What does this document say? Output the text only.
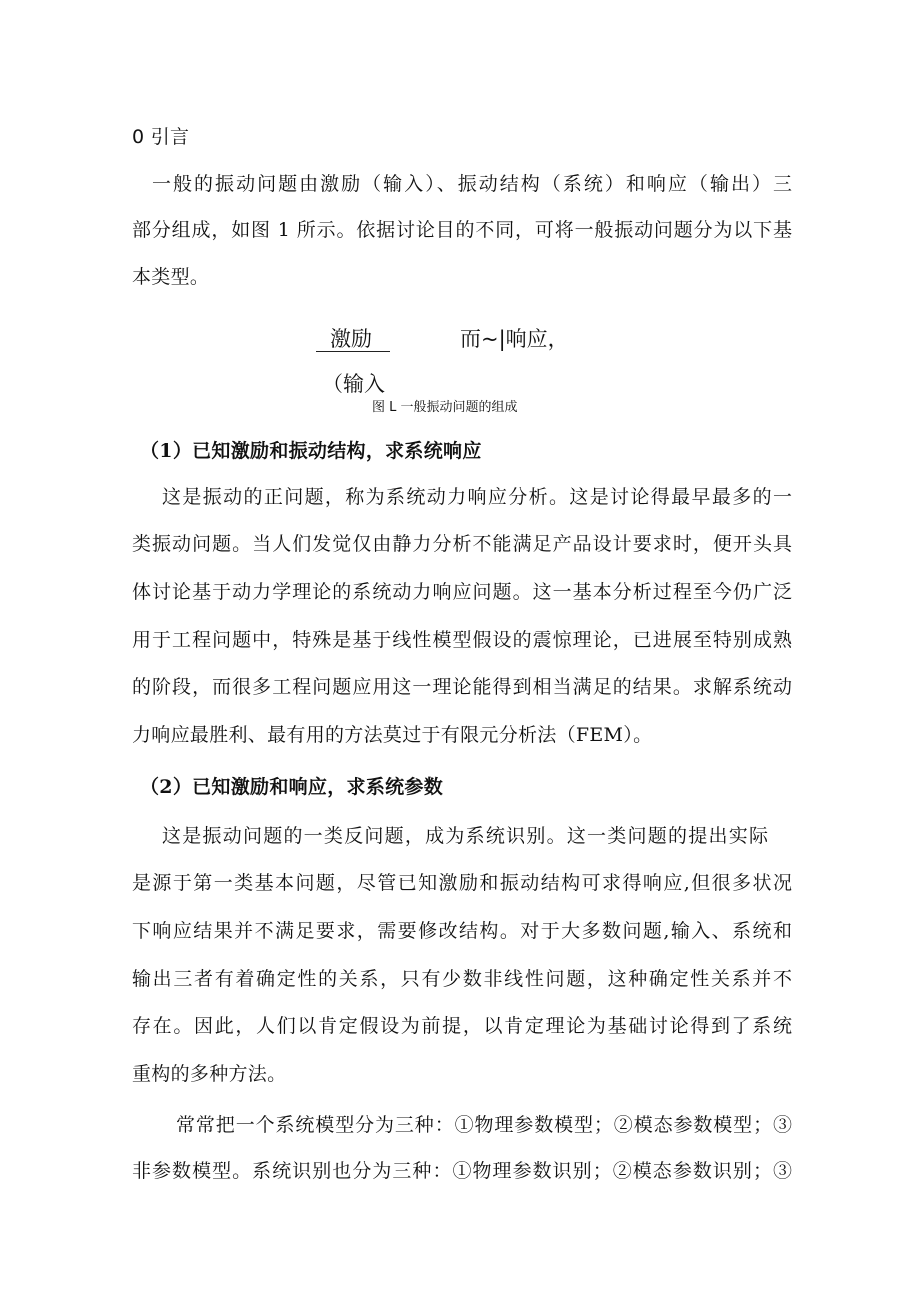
0 引言
一般的振动问题由激励（输入）、振动结构（系统）和响应（输出）三
部分组成，如图 1 所示。依据讨论目的不同，可将一般振动问题分为以下基
本类型。
激励	而~|响应，
（输入
图 L 一般振动问题的组成
（1）已知激励和振动结构，求系统响应
这是振动的正问题，称为系统动力响应分析。这是讨论得最早最多的一
类振动问题。当人们发觉仅由静力分析不能满足产品设计要求时，便开头具
体讨论基于动力学理论的系统动力响应问题。这一基本分析过程至今仍广泛
用于工程问题中，特殊是基于线性模型假设的震惊理论，已进展至特别成熟
的阶段，而很多工程问题应用这一理论能得到相当满足的结果。求解系统动
力响应最胜利、最有用的方法莫过于有限元分析法（FEM）。
（2）已知激励和响应，求系统参数
这是振动问题的一类反问题，成为系统识别。这一类问题的提出实际
是源于第一类基本问题，尽管已知激励和振动结构可求得响应,但很多状况
下响应结果并不满足要求，需要修改结构。对于大多数问题,输入、系统和
输出三者有着确定性的关系，只有少数非线性问题，这种确定性关系并不
存在。因此，人们以肯定假设为前提，以肯定理论为基础讨论得到了系统
重构的多种方法。
常常把一个系统模型分为三种：①物理参数模型；②模态参数模型；③
非参数模型。系统识别也分为三种：①物理参数识别；②模态参数识别；③
